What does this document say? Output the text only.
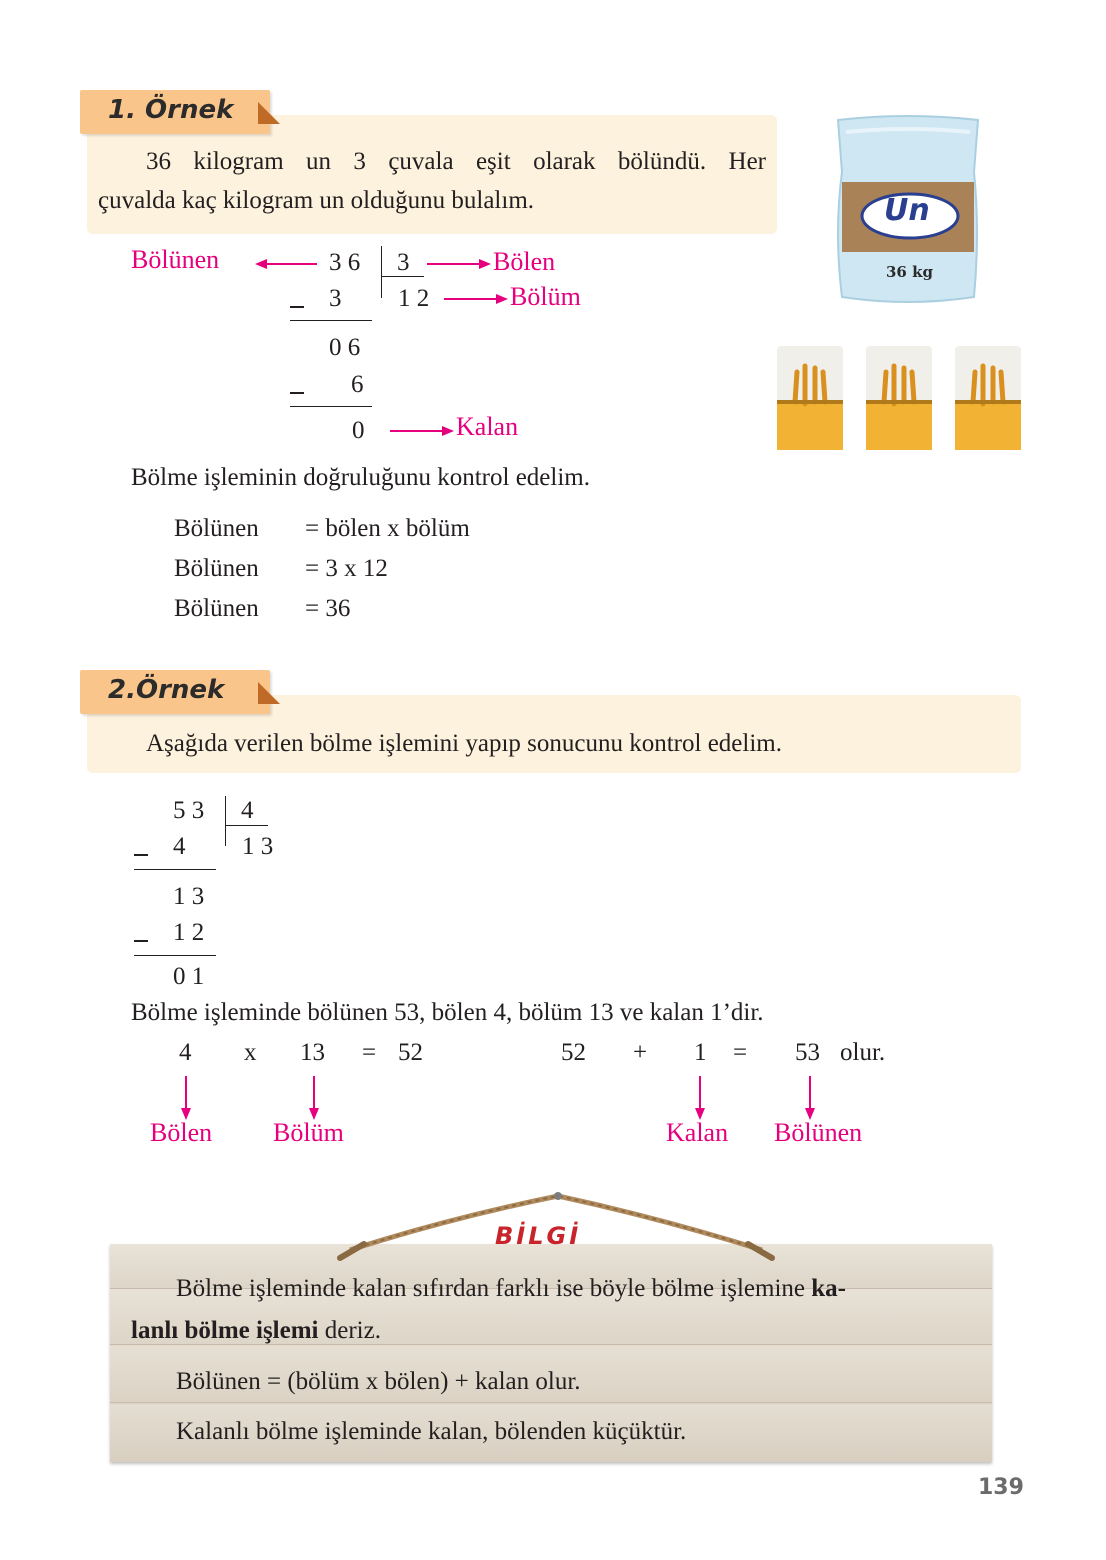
1. Örnek
36 kilogram un 3 çuvala eşit olarak bölündü. Her
çuvalda kaç kilogram un olduğunu bulalım.	Un
36 kg
Bölünen	3 6 3	Bölen
3 1 2	Bölüm
0 6
6
0	Kalan
Bölme işleminin doğruluğunu kontrol edelim.
Bölünen = bölen x bölüm
Bölünen = 3 x 12
Bölünen = 36
2.Örnek
Aşağıda verilen bölme işlemini yapıp sonucunu kontrol edelim.
5 3 4
4 1 3
1 3
1 2
0 1
Bölme işleminde bölünen 53, bölen 4, bölüm 13 ve kalan 1’dir.
4 x 13 = 52	52 + 1 = 53 olur.
Bölen Bölüm	Kalan Bölünen
BİLGİ
Bölme işleminde kalan sıfırdan farklı ise böyle bölme işlemine ka-
lanlı bölme işlemi deriz.
Bölünen = (bölüm x bölen) + kalan olur.
Kalanlı bölme işleminde kalan, bölenden küçüktür.
139
